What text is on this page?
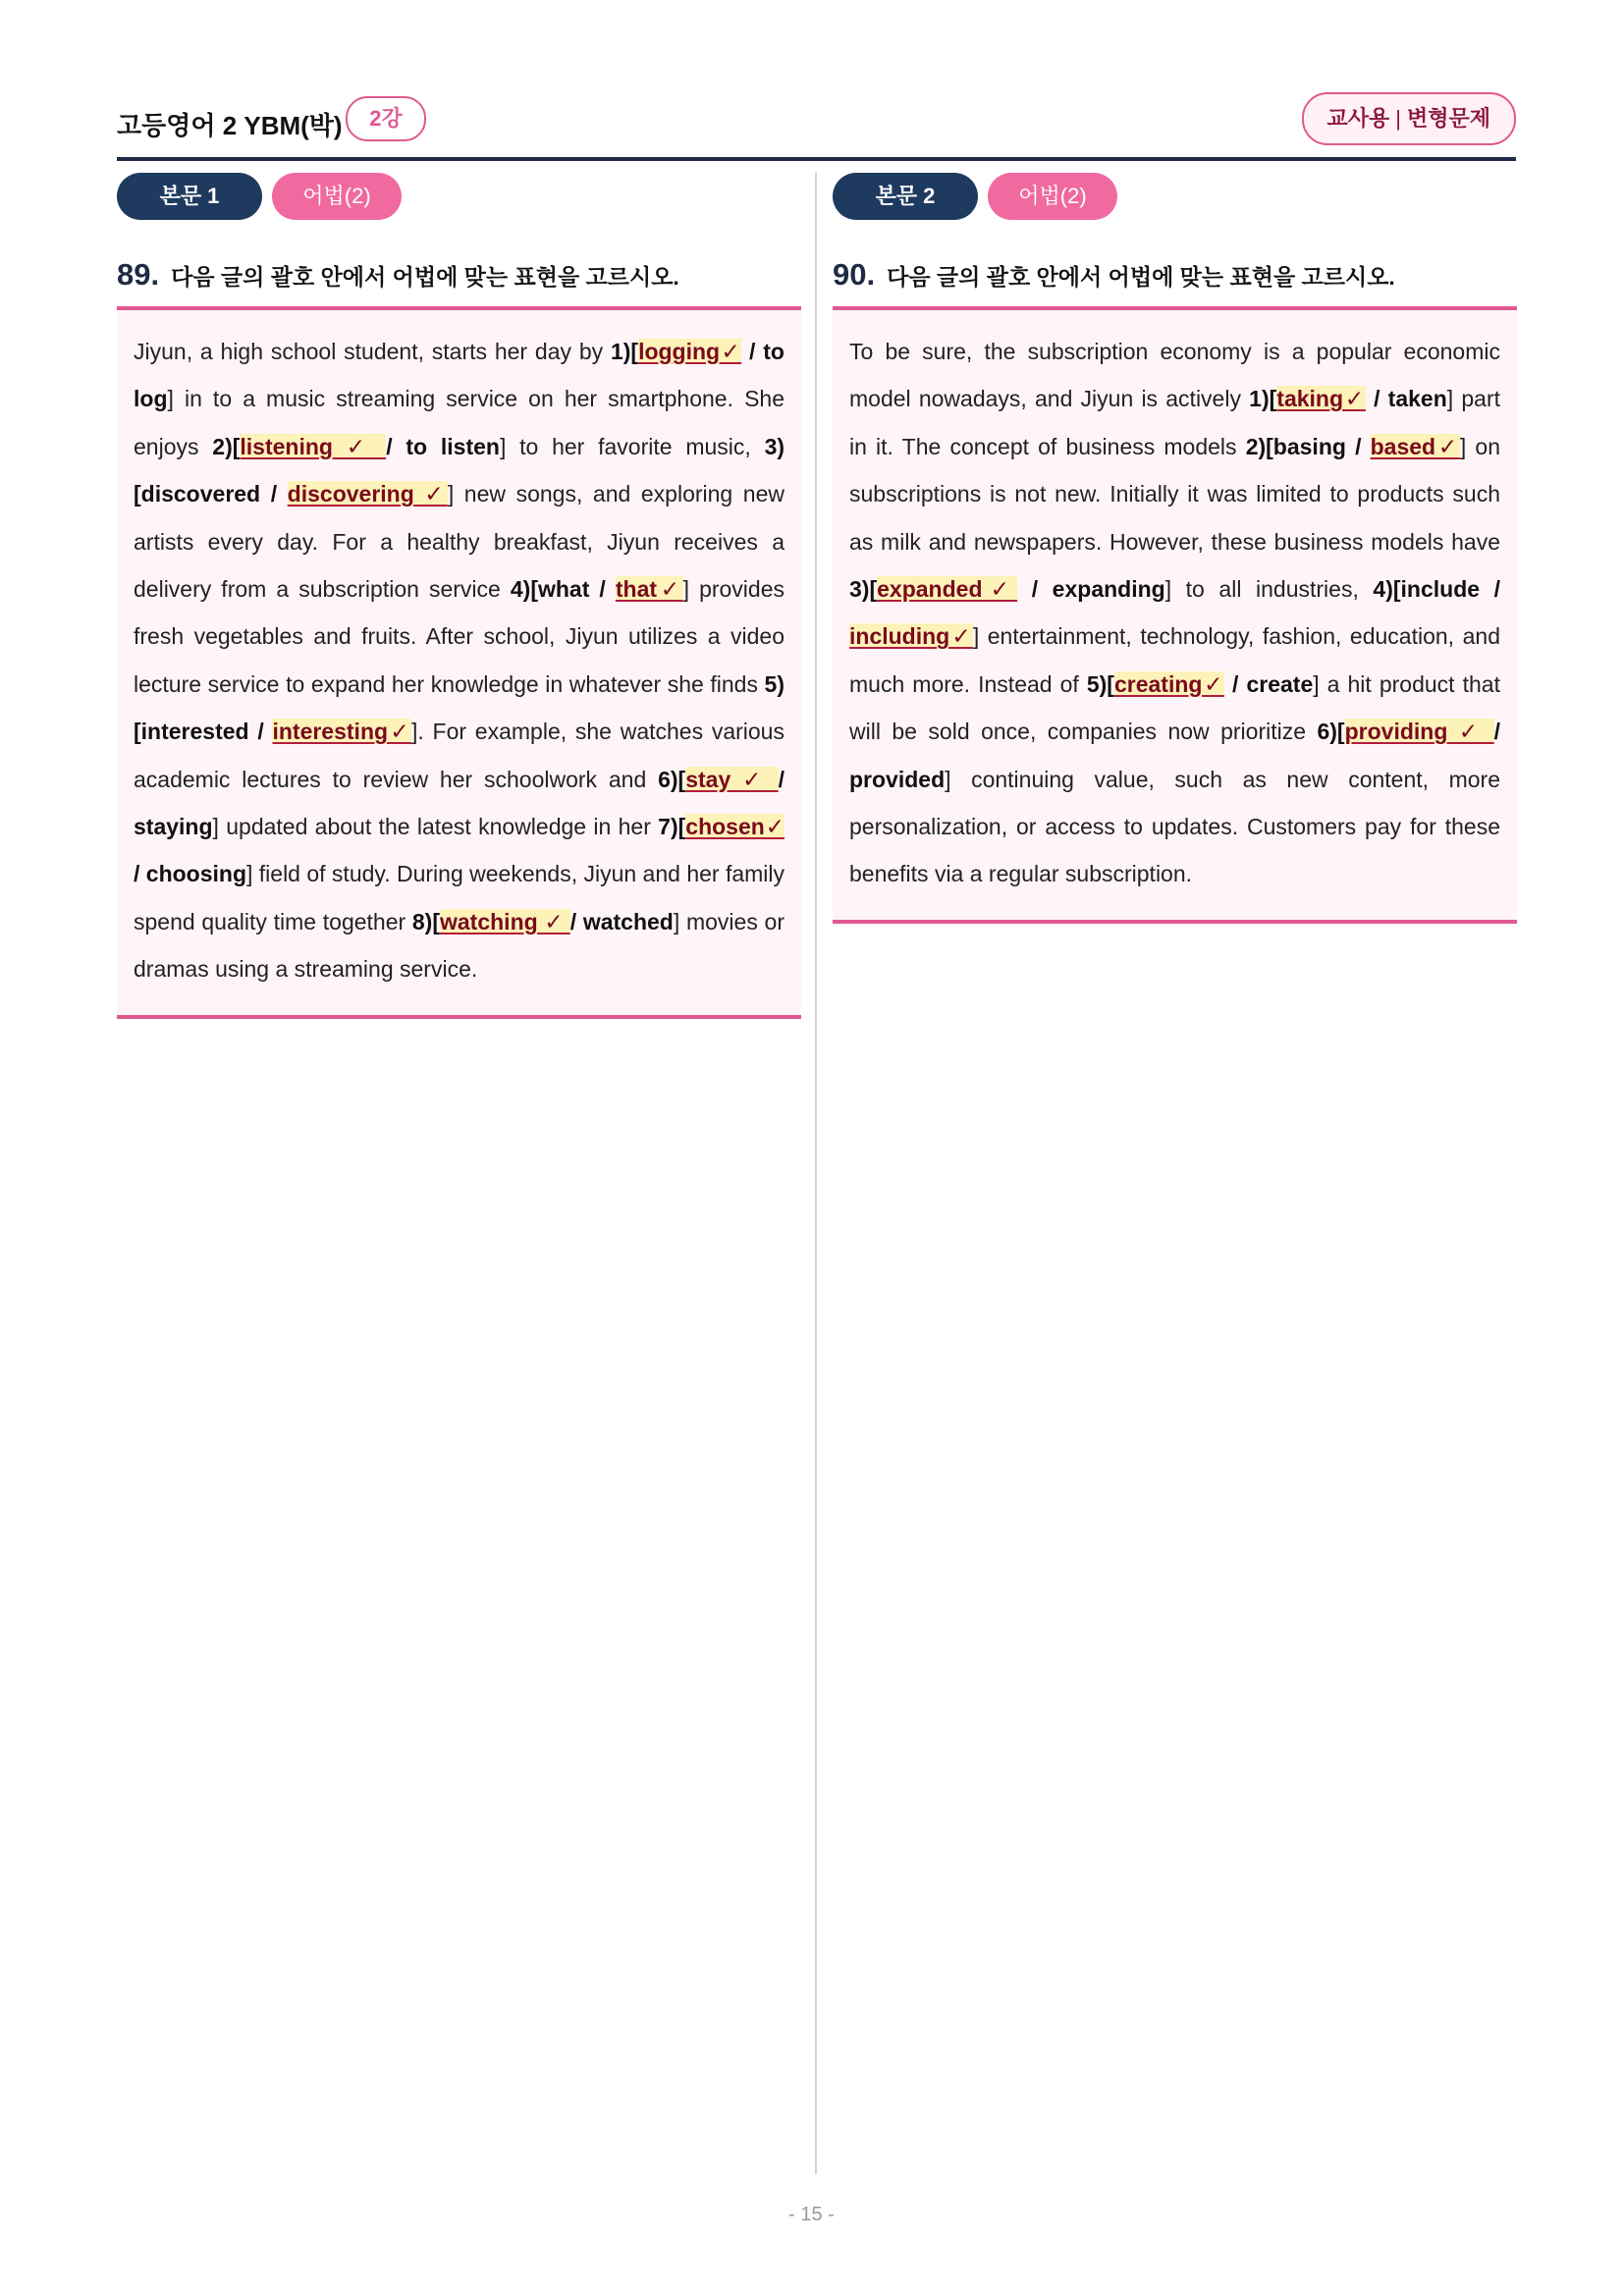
고등영어 2 YBM(박)	2강	교사용 | 변형문제
본문 1	어법(2)
89. 다음 글의 괄호 안에서 어법에 맞는 표현을 고르시오.

Jiyun, a high school student, starts her day by 1)[logging✓ / to log] in to a music streaming service on her smartphone. She enjoys 2)[listening ✓ / to listen] to her favorite music, 3)[discovered / discovering ✓] new songs, and exploring new artists every day. For a healthy breakfast, Jiyun receives a delivery from a subscription service 4)[what / that✓] provides fresh vegetables and fruits. After school, Jiyun utilizes a video lecture service to expand her knowledge in whatever she finds 5)[interested / interesting✓]. For example, she watches various academic lectures to review her schoolwork and 6)[stay ✓ / staying] updated about the latest knowledge in her 7)[chosen✓ / choosing] field of study. During weekends, Jiyun and her family spend quality time together 8)[watching ✓ / watched] movies or dramas using a streaming service.

본문 2	어법(2)
90. 다음 글의 괄호 안에서 어법에 맞는 표현을 고르시오.

To be sure, the subscription economy is a popular economic model nowadays, and Jiyun is actively 1)[taking✓ / taken] part in it. The concept of business models 2)[basing / based✓] on subscriptions is not new. Initially it was limited to products such as milk and newspapers. However, these business models have 3)[expanded✓ / expanding] to all industries, 4)[include / including✓] entertainment, technology, fashion, education, and much more. Instead of 5)[creating✓ / create] a hit product that will be sold once, companies now prioritize 6)[providing ✓ / provided] continuing value, such as new content, more personalization, or access to updates. Customers pay for these benefits via a regular subscription.

- 15 -
